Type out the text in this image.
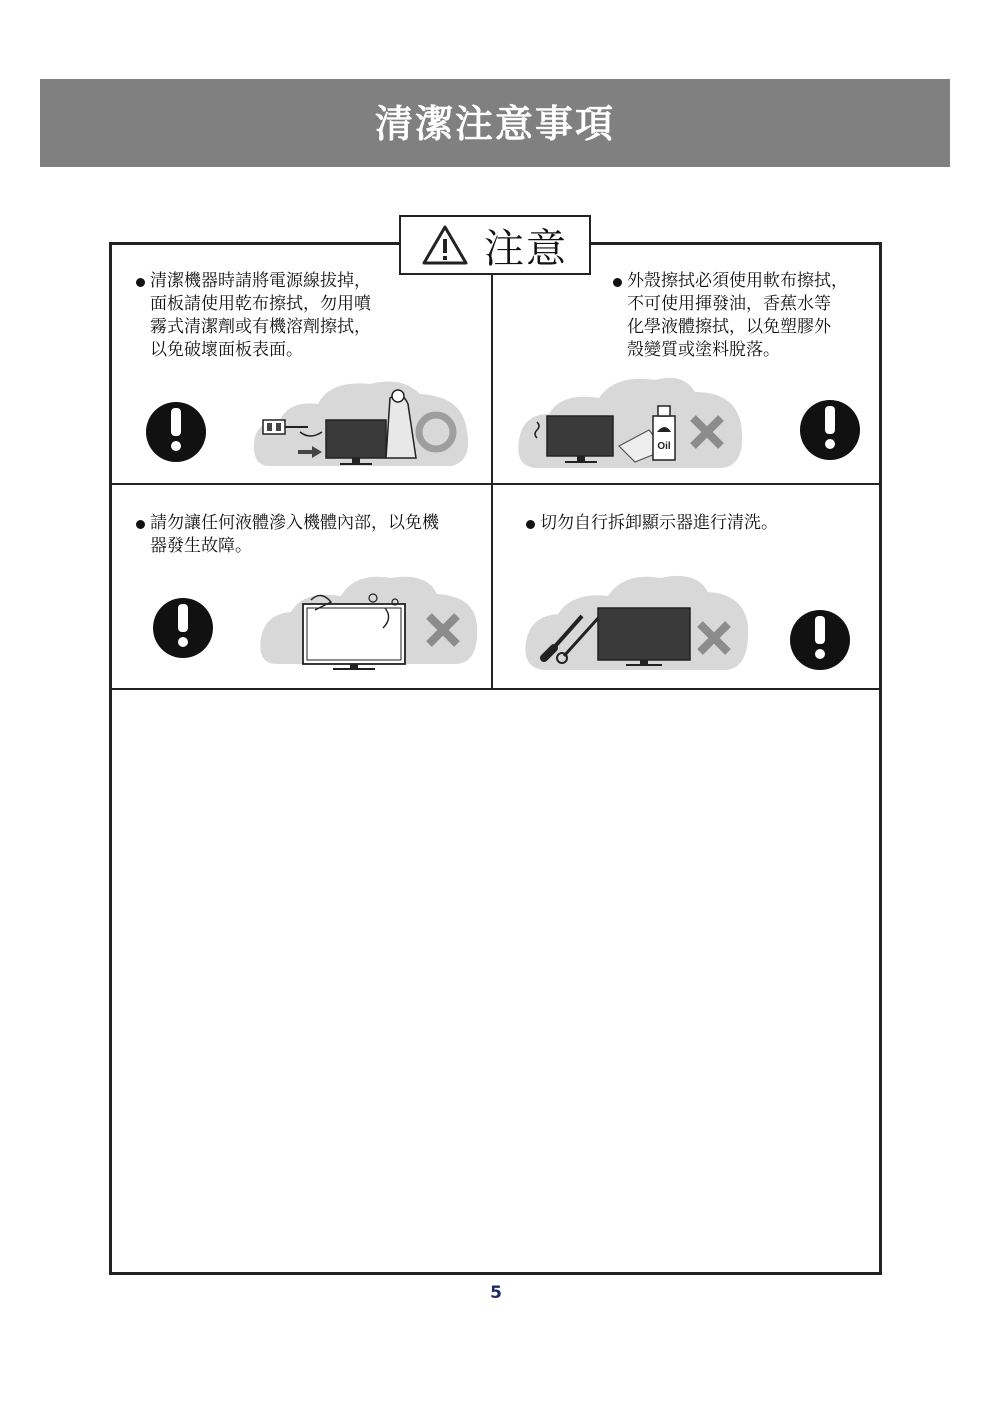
清潔注意事項
注意
清潔機器時請將電源線拔掉，
面板請使用乾布擦拭，勿用噴
霧式清潔劑或有機溶劑擦拭，
以免破壞面板表面。
外殼擦拭必須使用軟布擦拭，
不可使用揮發油，香蕉水等
化學液體擦拭，以免塑膠外
殼變質或塗料脫落。
Oil
請勿讓任何液體滲入機體內部，以免機
器發生故障。
切勿自行拆卸顯示器進行清洗。
5
